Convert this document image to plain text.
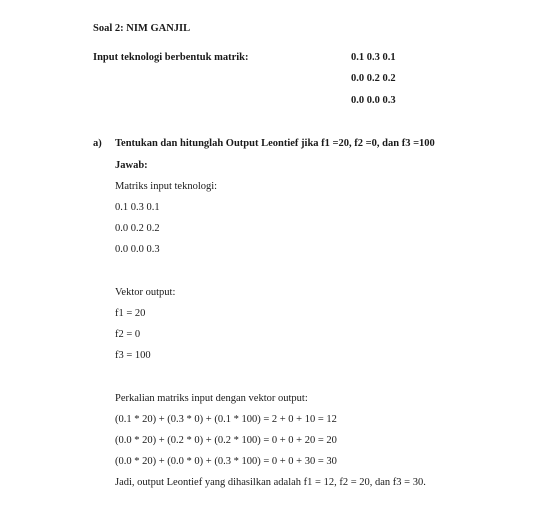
Soal 2: NIM GANJIL
Input teknologi berbentuk matrik:	0.1 0.3 0.1
0.0 0.2 0.2
0.0 0.0 0.3
a) Tentukan dan hitunglah Output Leontief jika f1 =20, f2 =0, dan f3 =100
Jawab:
Matriks input teknologi:
0.1 0.3 0.1
0.0 0.2 0.2
0.0 0.0 0.3
Vektor output:
f1 = 20
f2 = 0
f3 = 100
Perkalian matriks input dengan vektor output:
(0.1 * 20) + (0.3 * 0) + (0.1 * 100) = 2 + 0 + 10 = 12
(0.0 * 20) + (0.2 * 0) + (0.2 * 100) = 0 + 0 + 20 = 20
(0.0 * 20) + (0.0 * 0) + (0.3 * 100) = 0 + 0 + 30 = 30
Jadi, output Leontief yang dihasilkan adalah f1 = 12, f2 = 20, dan f3 = 30.
